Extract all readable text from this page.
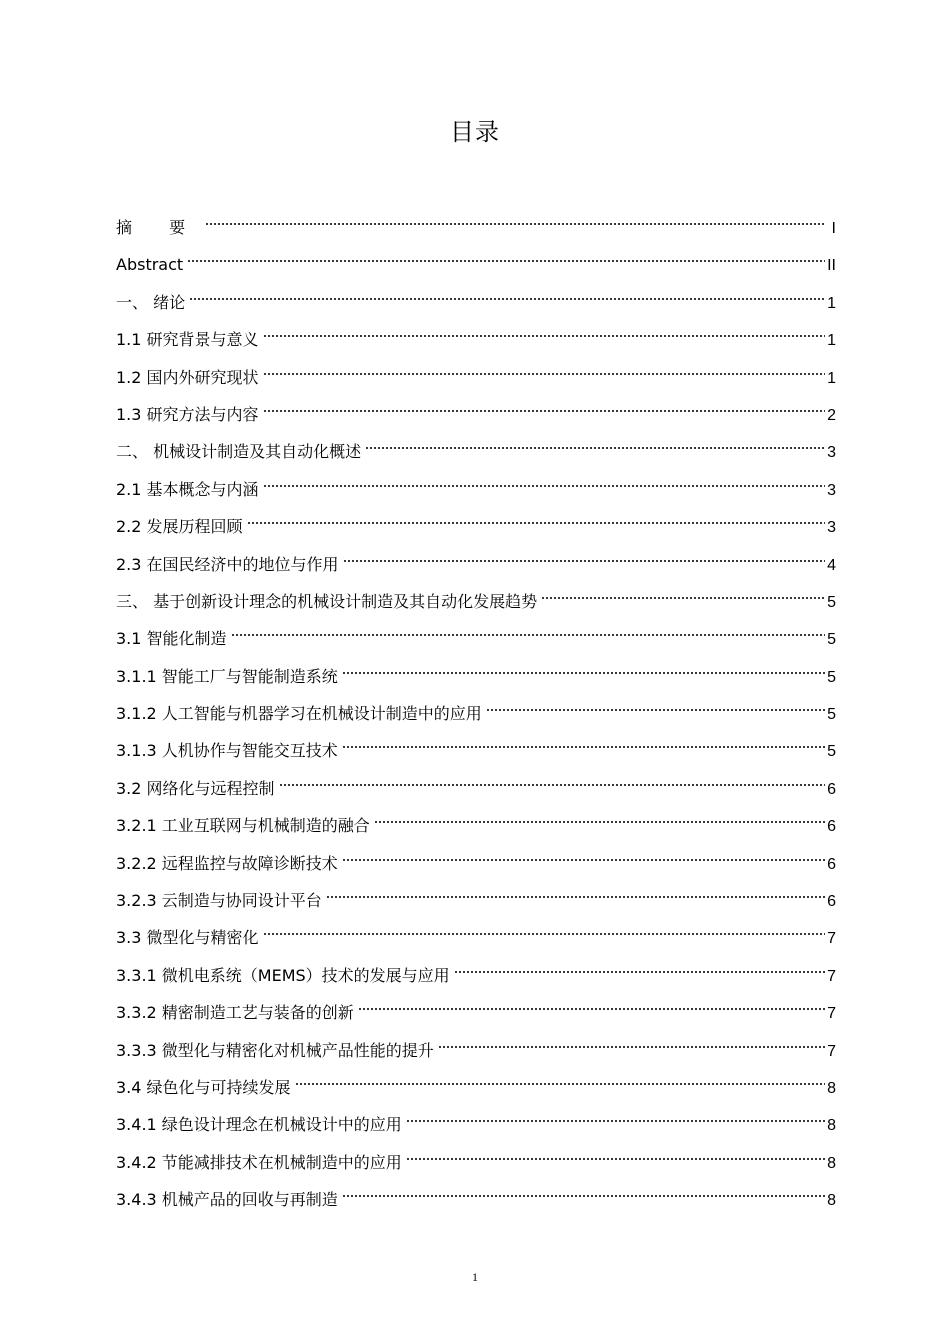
目录
摘 要	I
Abstract	II
一、 绪论	1
1.1 研究背景与意义	1
1.2 国内外研究现状	1
1.3 研究方法与内容	2
二、 机械设计制造及其自动化概述	3
2.1 基本概念与内涵	3
2.2 发展历程回顾	3
2.3 在国民经济中的地位与作用	4
三、 基于创新设计理念的机械设计制造及其自动化发展趋势	5
3.1 智能化制造	5
3.1.1 智能工厂与智能制造系统	5
3.1.2 人工智能与机器学习在机械设计制造中的应用	5
3.1.3 人机协作与智能交互技术	5
3.2 网络化与远程控制	6
3.2.1 工业互联网与机械制造的融合	6
3.2.2 远程监控与故障诊断技术	6
3.2.3 云制造与协同设计平台	6
3.3 微型化与精密化	7
3.3.1 微机电系统（MEMS）技术的发展与应用	7
3.3.2 精密制造工艺与装备的创新	7
3.3.3 微型化与精密化对机械产品性能的提升	7
3.4 绿色化与可持续发展	8
3.4.1 绿色设计理念在机械设计中的应用	8
3.4.2 节能减排技术在机械制造中的应用	8
3.4.3 机械产品的回收与再制造	8
1
